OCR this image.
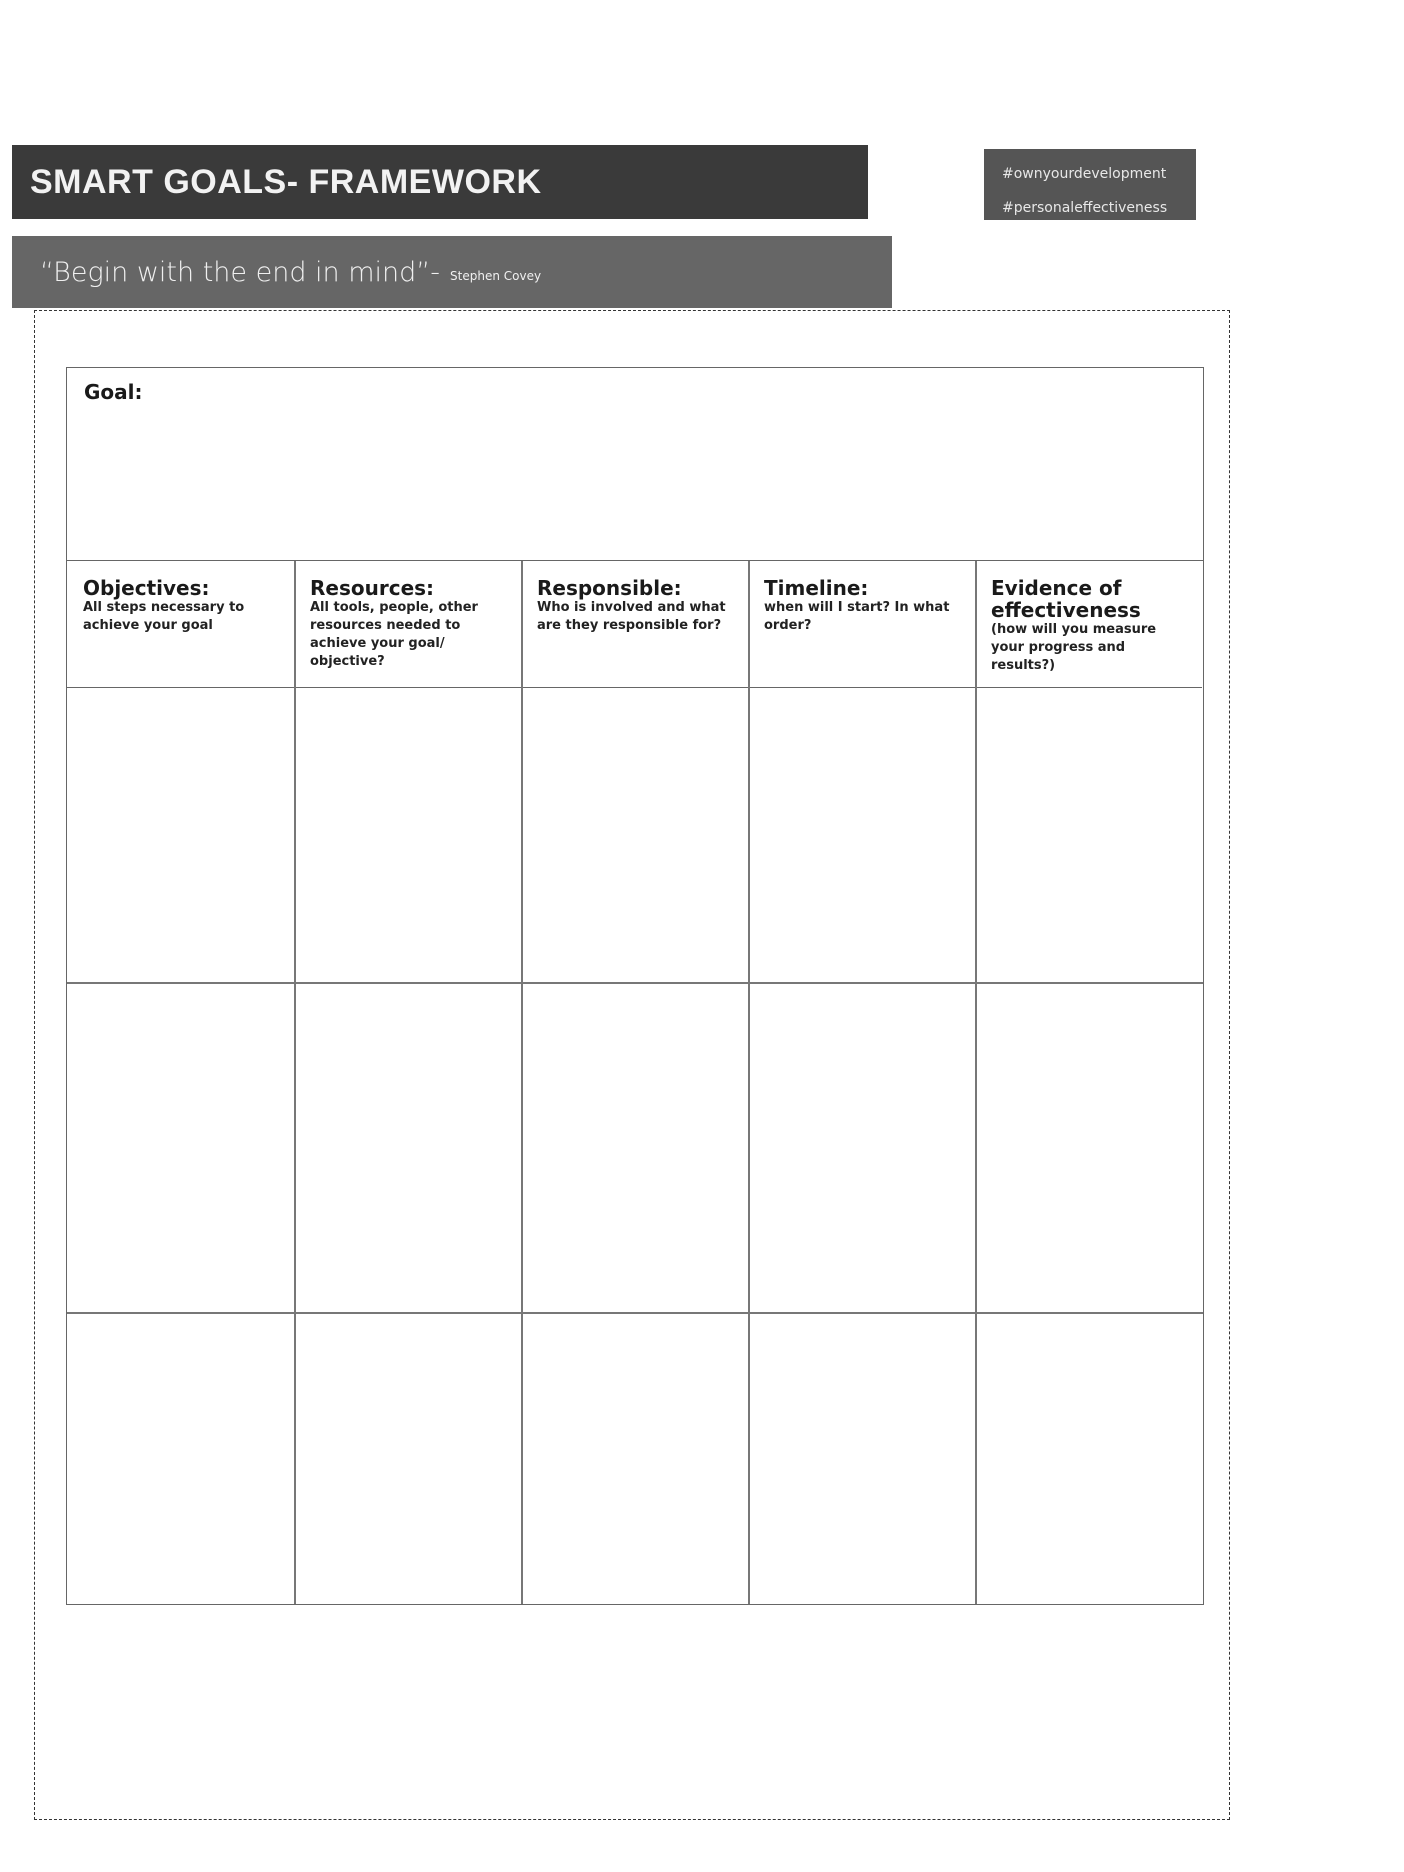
SMART GOALS- FRAMEWORK
“Begin with the end in mind”- Stephen Covey
#ownyourdevelopment
#personaleffectiveness
Goal:
Objectives:
All steps necessary to achieve your goal
Resources:
All tools, people, other resources needed to achieve your goal/ objective?
Responsible:
Who is involved and what are they responsible for?
Timeline:
when will I start? In what order?
Evidence of effectiveness
(how will you measure your progress and results?)
